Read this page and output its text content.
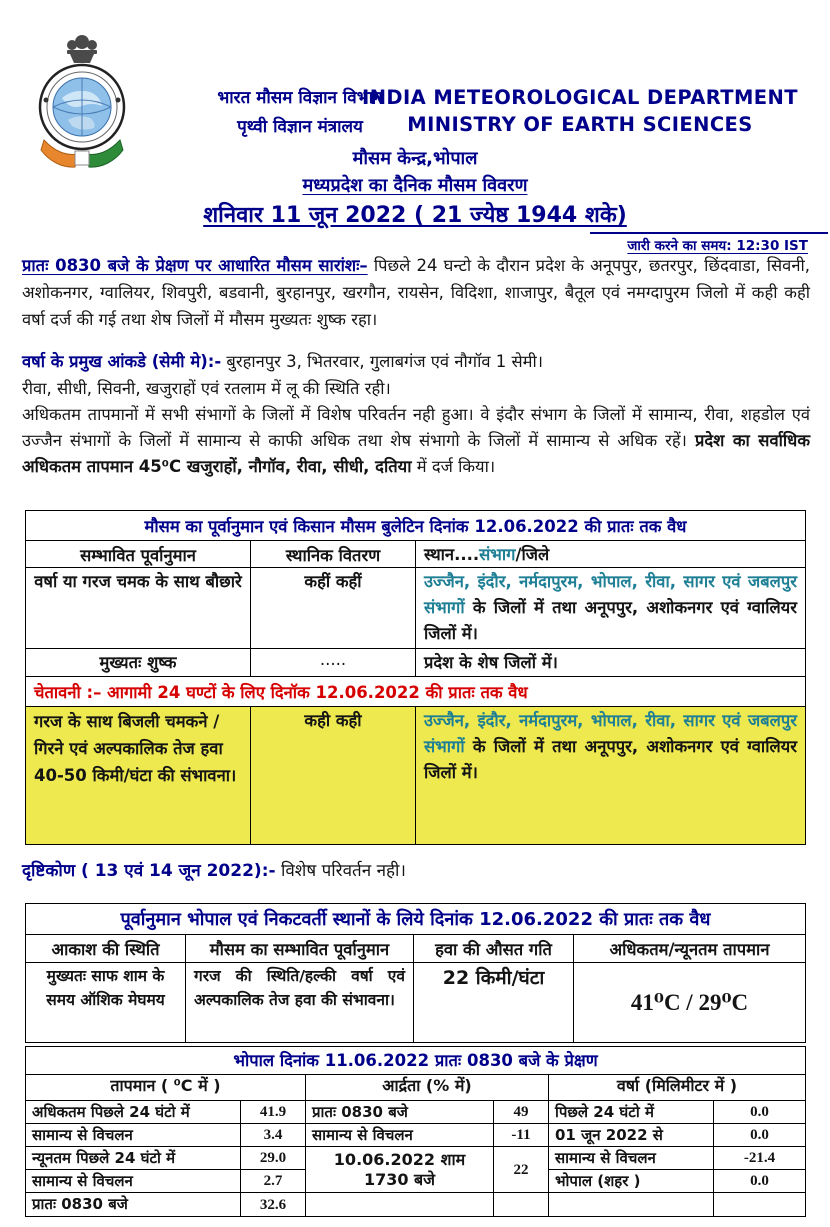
भारत मौसम विज्ञान विभाग
पृथ्वी विज्ञान मंत्रालय
INDIA METEOROLOGICAL DEPARTMENT
MINISTRY OF EARTH SCIENCES
मौसम केन्द्र,भोपाल
मध्यप्रदेश का दैनिक मौसम विवरण
शनिवार 11 जून 2022 ( 21 ज्येष्ठ 1944 शके)
जारी करने का समय: 12:30 IST
प्रातः 0830 बजे के प्रेक्षण पर आधारित मौसम सारांशः– पिछले 24 घन्टो के दौरान प्रदेश के अनूपपुर, छतरपुर, छिंदवाडा, सिवनी, अशोकनगर, ग्वालियर, शिवपुरी, बडवानी, बुरहानपुर, खरगौन, रायसेन, विदिशा, शाजापुर, बैतूल एवं नमग्दापुरम जिलो में कही कही वर्षा दर्ज की गई तथा शेष जिलों में मौसम मुख्यतः शुष्क रहा।
वर्षा के प्रमुख आंकडे (सेमी मे):- बुरहानपुर 3, भितरवार, गुलाबगंज एवं नौगॉव 1 सेमी।
रीवा, सीधी, सिवनी, खजुराहों एवं रतलाम में लू की स्थिति रही।
अधिकतम तापमानों में सभी संभागों के जिलों में विशेष परिवर्तन नही हुआ। वे इंदौर संभाग के जिलों में सामान्य, रीवा, शहडोल एवं उज्जैन संभागों के जिलों में सामान्य से काफी अधिक तथा शेष संभागो के जिलों में सामान्य से अधिक रहें। प्रदेश का सर्वाधिक अधिकतम तापमान 45⁰C खजुराहों, नौगॉव, रीवा, सीधी, दतिया में दर्ज किया।
मौसम का पूर्वानुमान एवं किसान मौसम बुलेटिन दिनांक 12.06.2022 की प्रातः तक वैध		
सम्भावित पूर्वानुमान	स्थानिक वितरण	स्थान....संभाग/जिले
वर्षा या गरज चमक के साथ बौछारे	कहीं कहीं	उज्जैन, इंदौर, नर्मदापुरम, भोपाल, रीवा, सागर एवं जबलपुर संभागों के जिलों में तथा अनूपपुर, अशोकनगर एवं ग्वालियर जिलों में।
मुख्यतः शुष्क	.....	प्रदेश के शेष जिलों में।
चेतावनी :– आगामी 24 घण्टों के लिए दिनॉक 12.06.2022 की प्रातः तक वैध		
गरज के साथ बिजली चमकने / गिरने एवं अल्पकालिक तेज हवा 40-50 किमी/घंटा की संभावना।	कही कही	उज्जैन, इंदौर, नर्मदापुरम, भोपाल, रीवा, सागर एवं जबलपुर संभागों के जिलों में तथा अनूपपुर, अशोकनगर एवं ग्वालियर जिलों में।
दृष्टिकोण ( 13 एवं 14 जून 2022):- विशेष परिवर्तन नही।
पूर्वानुमान भोपाल एवं निकटवर्ती स्थानों के लिये दिनांक 12.06.2022 की प्रातः तक वैध			
आकाश की स्थिति	मौसम का सम्भावित पूर्वानुमान	हवा की औसत गति	अधिकतम/न्यूनतम तापमान
मुख्यतः साफ शाम के समय ऑशिक मेघमय	गरज की स्थिति/हल्की वर्षा एवं अल्पकालिक तेज हवा की संभावना।	22 किमी/घंटा	41⁰C / 29⁰C
भोपाल दिनांक 11.06.2022 प्रातः 0830 बजे के प्रेक्षण					
तापमान ( ⁰C में )		आर्द्रता (% में)		वर्षा (मिलिमीटर में )	
अधिकतम पिछले 24 घंटो में	41.9	प्रातः 0830 बजे	49	पिछले 24 घंटो में	0.0
सामान्य से विचलन	3.4	सामान्य से विचलन	-11	01 जून 2022 से	0.0
न्यूनतम पिछले 24 घंटो में	29.0	10.06.2022 शाम 1730 बजे	22	सामान्य से विचलन	-21.4
सामान्य से विचलन	2.7			भोपाल (शहर )	0.0
प्रातः 0830 बजे	32.6				
